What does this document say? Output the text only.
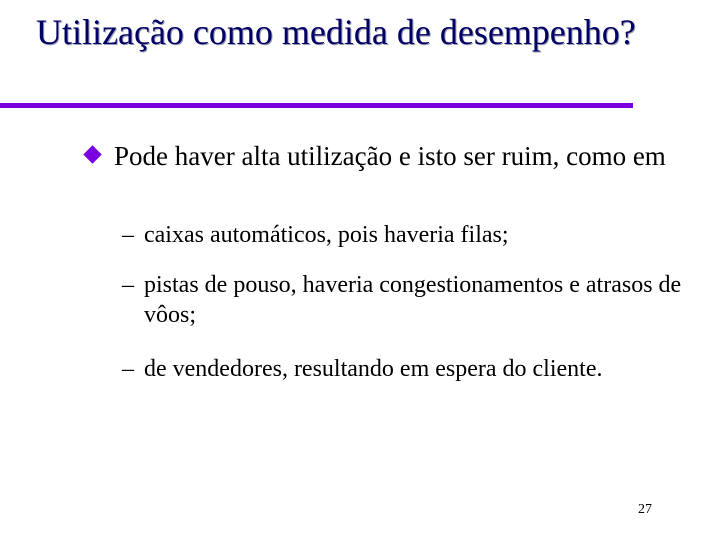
Utilização como medida de desempenho?
Pode haver alta utilização e isto ser ruim, como em
– caixas automáticos, pois haveria filas;
– pistas de pouso, haveria congestionamentos e atrasos de vôos;
– de vendedores, resultando em espera do cliente.
27
